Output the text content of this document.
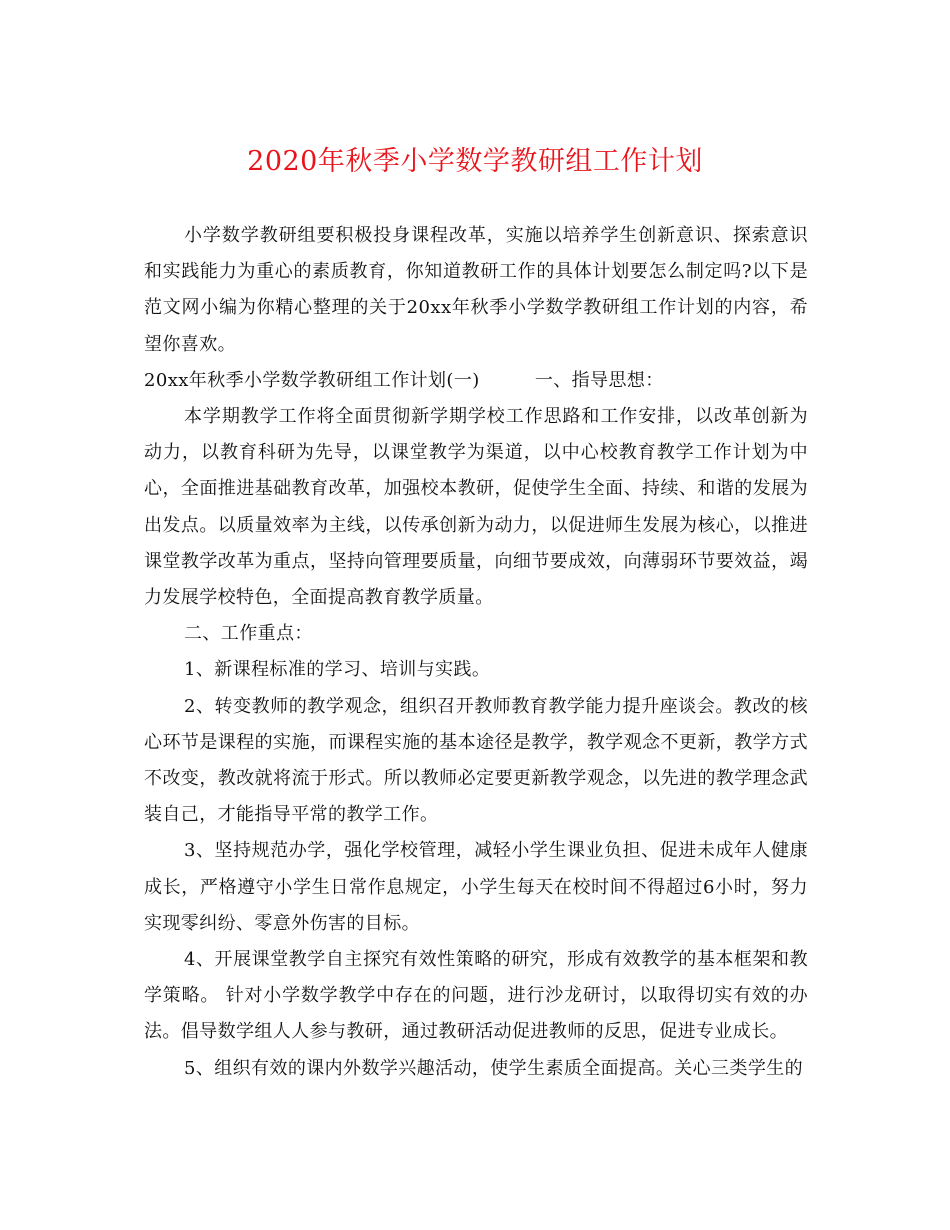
2020年秋季小学数学教研组工作计划

小学数学教研组要积极投身课程改革，实施以培养学生创新意识、探索意识和实践能力为重心的素质教育，你知道教研工作的具体计划要怎么制定吗?以下是范文网小编为你精心整理的关于20xx年秋季小学数学教研组工作计划的内容，希望你喜欢。

20xx年秋季小学数学教研组工作计划(一)　　　一、指导思想：

本学期教学工作将全面贯彻新学期学校工作思路和工作安排，以改革创新为动力，以教育科研为先导，以课堂教学为渠道，以中心校教育教学工作计划为中心，全面推进基础教育改革，加强校本教研，促使学生全面、持续、和谐的发展为出发点。以质量效率为主线，以传承创新为动力，以促进师生发展为核心，以推进课堂教学改革为重点，坚持向管理要质量，向细节要成效，向薄弱环节要效益，竭力发展学校特色，全面提高教育教学质量。

二、工作重点：

1、新课程标准的学习、培训与实践。

2、转变教师的教学观念，组织召开教师教育教学能力提升座谈会。教改的核心环节是课程的实施，而课程实施的基本途径是教学，教学观念不更新，教学方式不改变，教改就将流于形式。所以教师必定要更新教学观念，以先进的教学理念武装自己，才能指导平常的教学工作。

3、坚持规范办学，强化学校管理，减轻小学生课业负担、促进未成年人健康成长，严格遵守小学生日常作息规定，小学生每天在校时间不得超过6小时，努力实现零纠纷、零意外伤害的目标。

4、开展课堂教学自主探究有效性策略的研究，形成有效教学的基本框架和教学策略。 针对小学数学教学中存在的问题，进行沙龙研讨，以取得切实有效的办法。倡导数学组人人参与教研，通过教研活动促进教师的反思，促进专业成长。

5、组织有效的课内外数学兴趣活动，使学生素质全面提高。关心三类学生的
